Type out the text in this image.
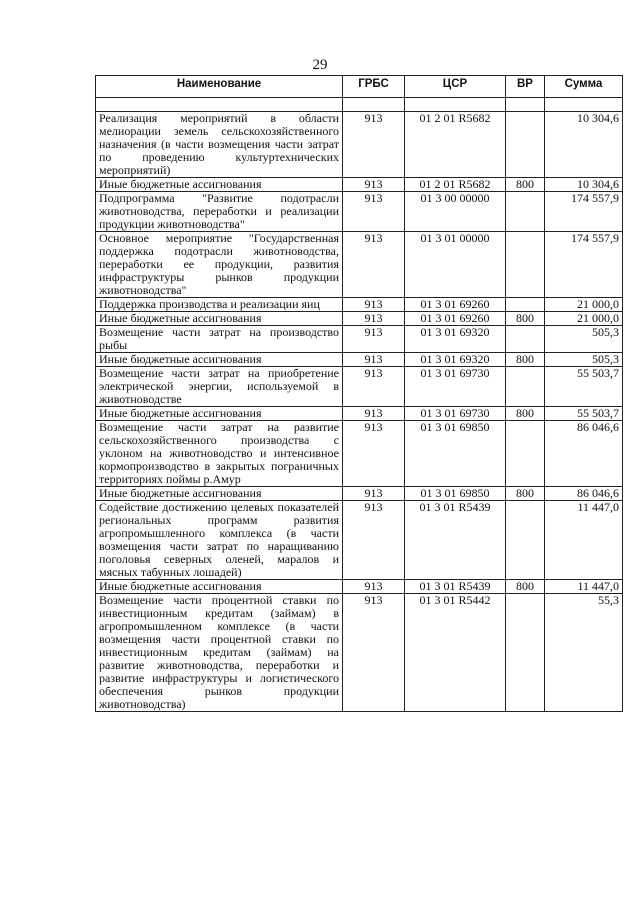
29
Наименование	ГРБС	ЦСР	ВР	Сумма

Реализация мероприятий в области мелиорации земель сельскохозяйственного назначения (в части возмещения части затрат по проведению культуртехнических мероприятий)	913	01 2 01 R5682		10 304,6
Иные бюджетные ассигнования	913	01 2 01 R5682	800	10 304,6
Подпрограмма "Развитие подотрасли животноводства, переработки и реализации продукции животноводства"	913	01 3 00 00000		174 557,9
Основное мероприятие "Государственная поддержка подотрасли животноводства, переработки ее продукции, развития инфраструктуры рынков продукции животноводства"	913	01 3 01 00000		174 557,9
Поддержка производства и реализации яиц	913	01 3 01 69260		21 000,0
Иные бюджетные ассигнования	913	01 3 01 69260	800	21 000,0
Возмещение части затрат на производство рыбы	913	01 3 01 69320		505,3
Иные бюджетные ассигнования	913	01 3 01 69320	800	505,3
Возмещение части затрат на приобретение электрической энергии, используемой в животноводстве	913	01 3 01 69730		55 503,7
Иные бюджетные ассигнования	913	01 3 01 69730	800	55 503,7
Возмещение части затрат на развитие сельскохозяйственного производства с уклоном на животноводство и интенсивное кормопроизводство в закрытых пограничных территориях поймы р.Амур	913	01 3 01 69850		86 046,6
Иные бюджетные ассигнования	913	01 3 01 69850	800	86 046,6
Содействие достижению целевых показателей региональных программ развития агропромышленного комплекса (в части возмещения части затрат по наращиванию поголовья северных оленей, маралов и мясных табунных лошадей)	913	01 3 01 R5439		11 447,0
Иные бюджетные ассигнования	913	01 3 01 R5439	800	11 447,0
Возмещение части процентной ставки по инвестиционным кредитам (займам) в агропромышленном комплексе (в части возмещения части процентной ставки по инвестиционным кредитам (займам) на развитие животноводства, переработки и развитие инфраструктуры и логистического обеспечения рынков продукции животноводства)	913	01 3 01 R5442		55,3
